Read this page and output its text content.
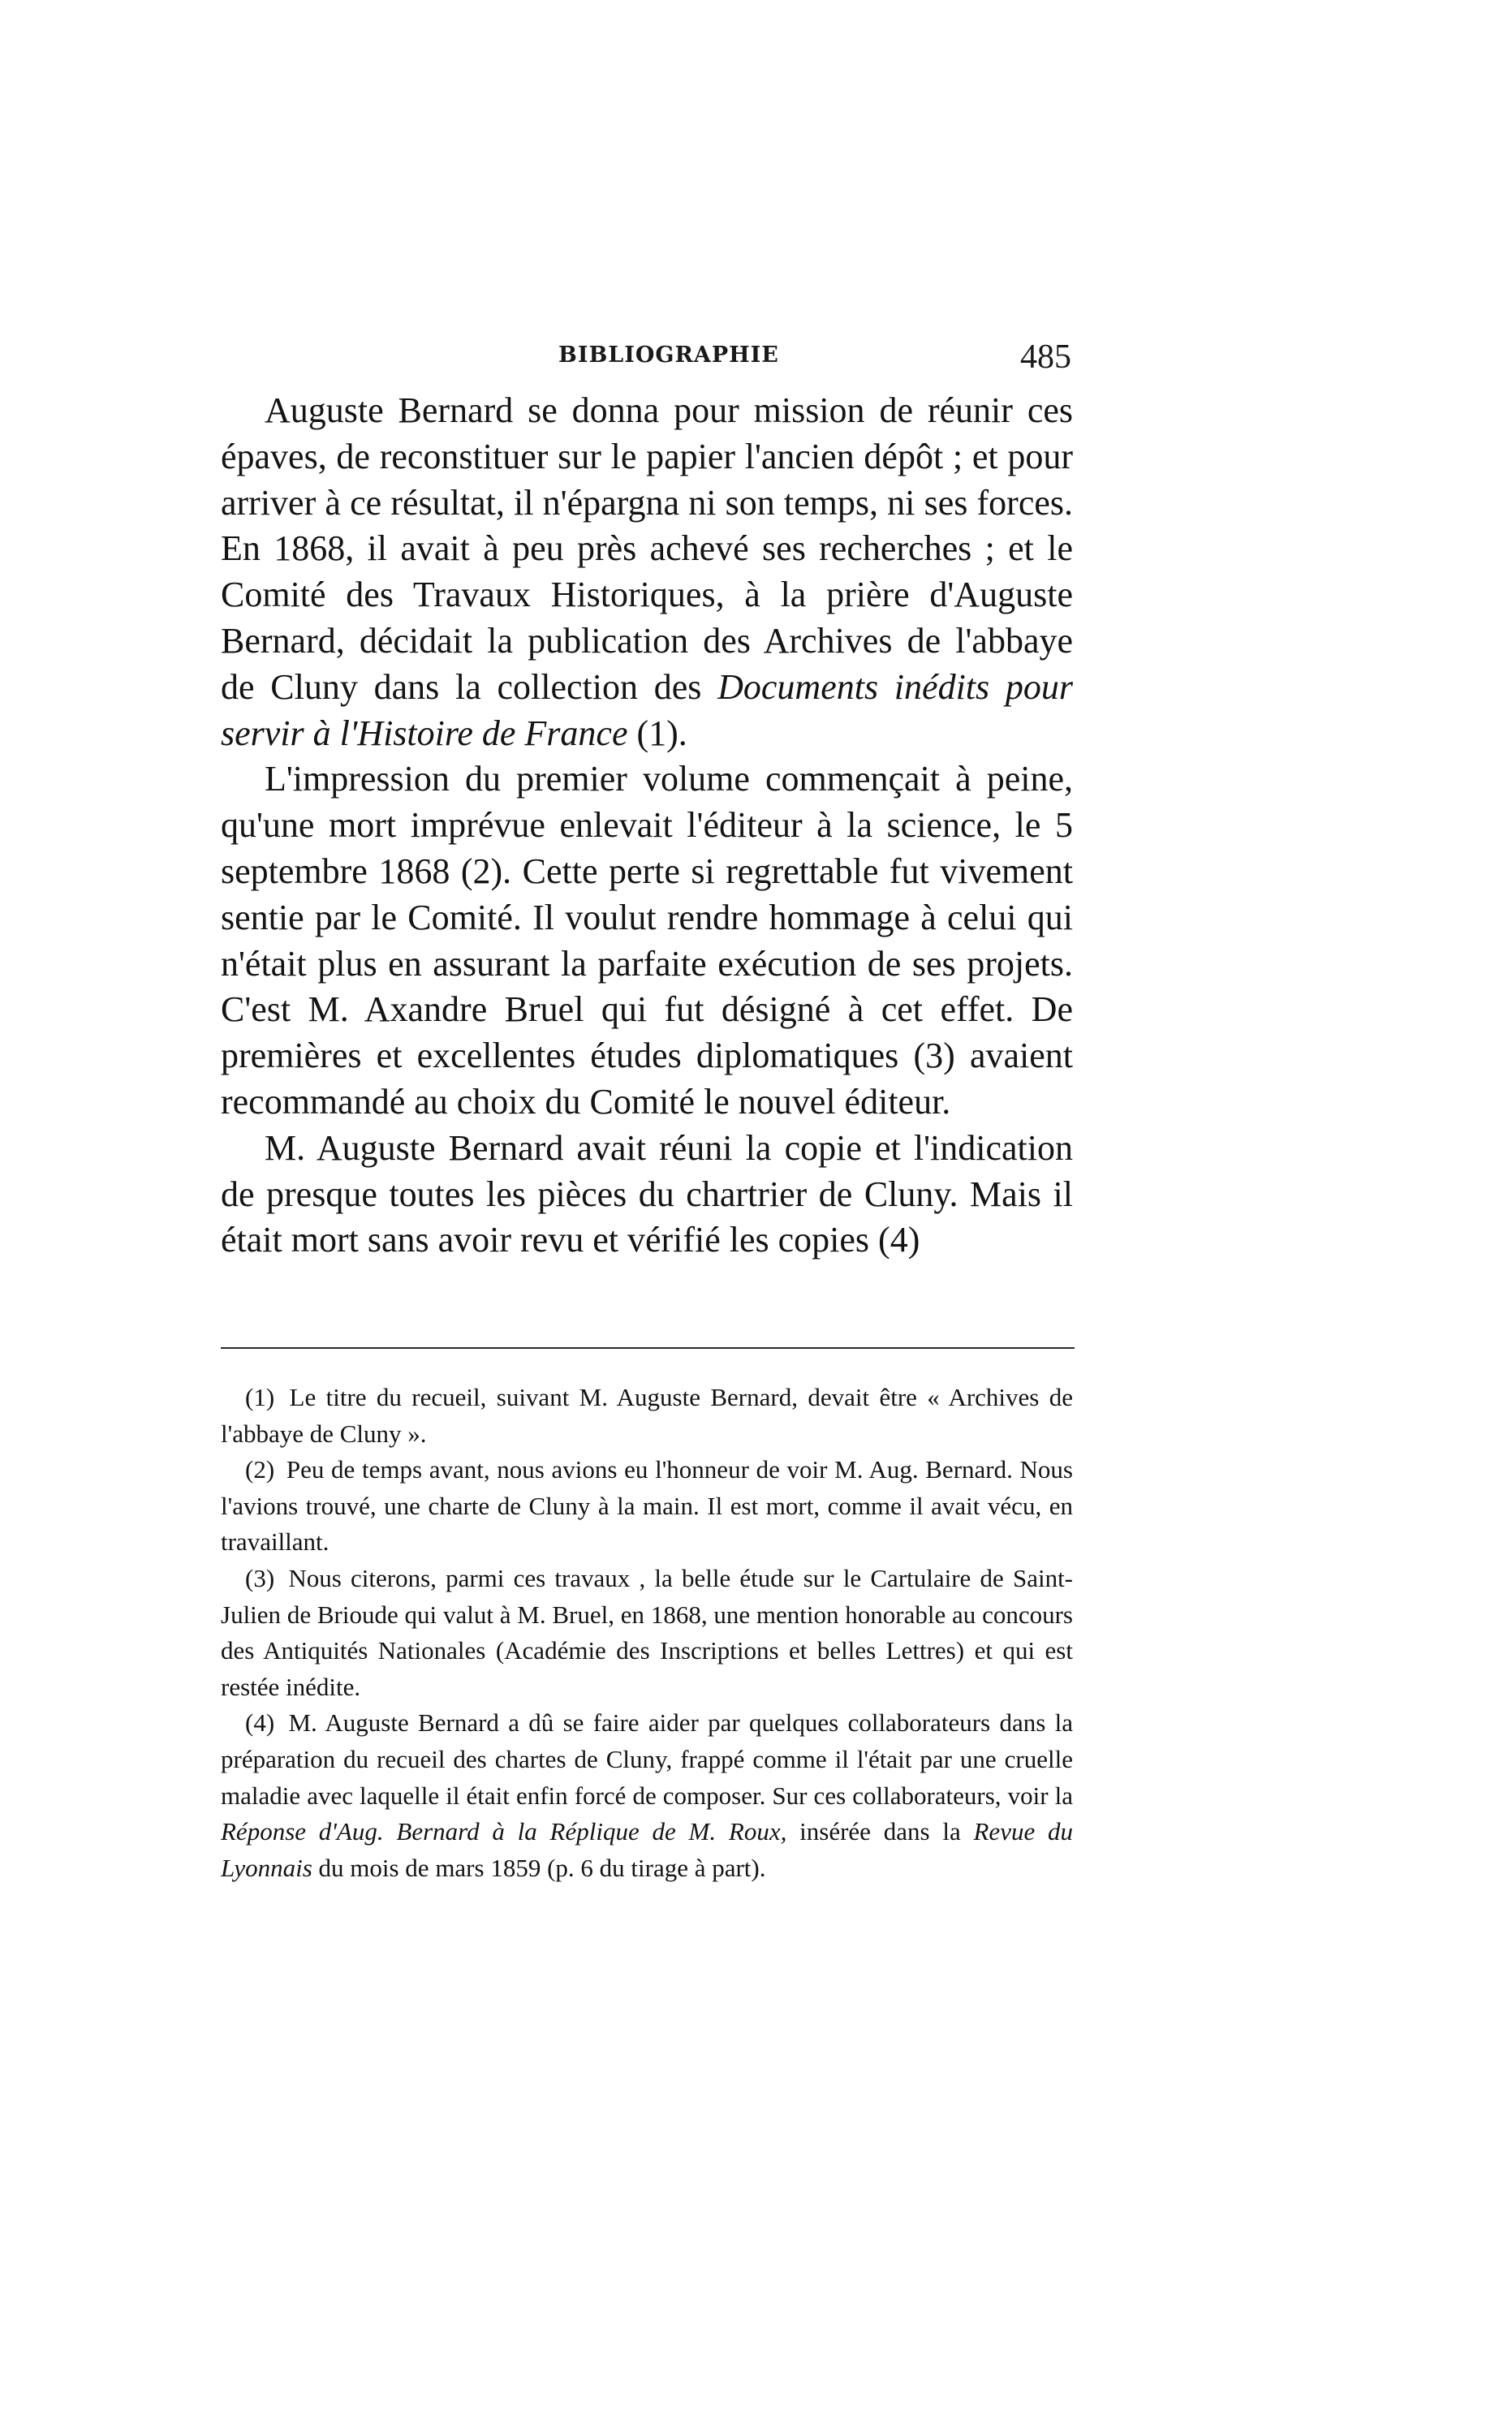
BIBLIOGRAPHIE	485

Auguste Bernard se donna pour mission de réunir ces épaves, de reconstituer sur le papier l'ancien dépôt ; et pour arriver à ce résultat, il n'épargna ni son temps, ni ses forces. En 1868, il avait à peu près achevé ses recherches ; et le Comité des Travaux Historiques, à la prière d'Auguste Bernard, décidait la publication des Archives de l'abbaye de Cluny dans la collection des Documents inédits pour servir à l'Histoire de France (1).

L'impression du premier volume commençait à peine, qu'une mort imprévue enlevait l'éditeur à la science, le 5 septembre 1868 (2). Cette perte si regrettable fut vivement sentie par le Comité. Il voulut rendre hommage à celui qui n'était plus en assurant la parfaite exécution de ses projets. C'est M. Axandre Bruel qui fut désigné à cet effet. De premières et excellentes études diplomatiques (3) avaient recommandé au choix du Comité le nouvel éditeur.

M. Auguste Bernard avait réuni la copie et l'indication de presque toutes les pièces du chartrier de Cluny. Mais il était mort sans avoir revu et vérifié les copies (4)

(1) Le titre du recueil, suivant M. Auguste Bernard, devait être « Archives de l'abbaye de Cluny ».

(2) Peu de temps avant, nous avions eu l'honneur de voir M. Aug. Bernard. Nous l'avions trouvé, une charte de Cluny à la main. Il est mort, comme il avait vécu, en travaillant.

(3) Nous citerons, parmi ces travaux , la belle étude sur le Cartulaire de Saint-Julien de Brioude qui valut à M. Bruel, en 1868, une mention honorable au concours des Antiquités Nationales (Académie des Inscriptions et belles Lettres) et qui est restée inédite.

(4) M. Auguste Bernard a dû se faire aider par quelques collaborateurs dans la préparation du recueil des chartes de Cluny, frappé comme il l'était par une cruelle maladie avec laquelle il était enfin forcé de composer. Sur ces collaborateurs, voir la Réponse d'Aug. Bernard à la Réplique de M. Roux, insérée dans la Revue du Lyonnais du mois de mars 1859 (p. 6 du tirage à part).
